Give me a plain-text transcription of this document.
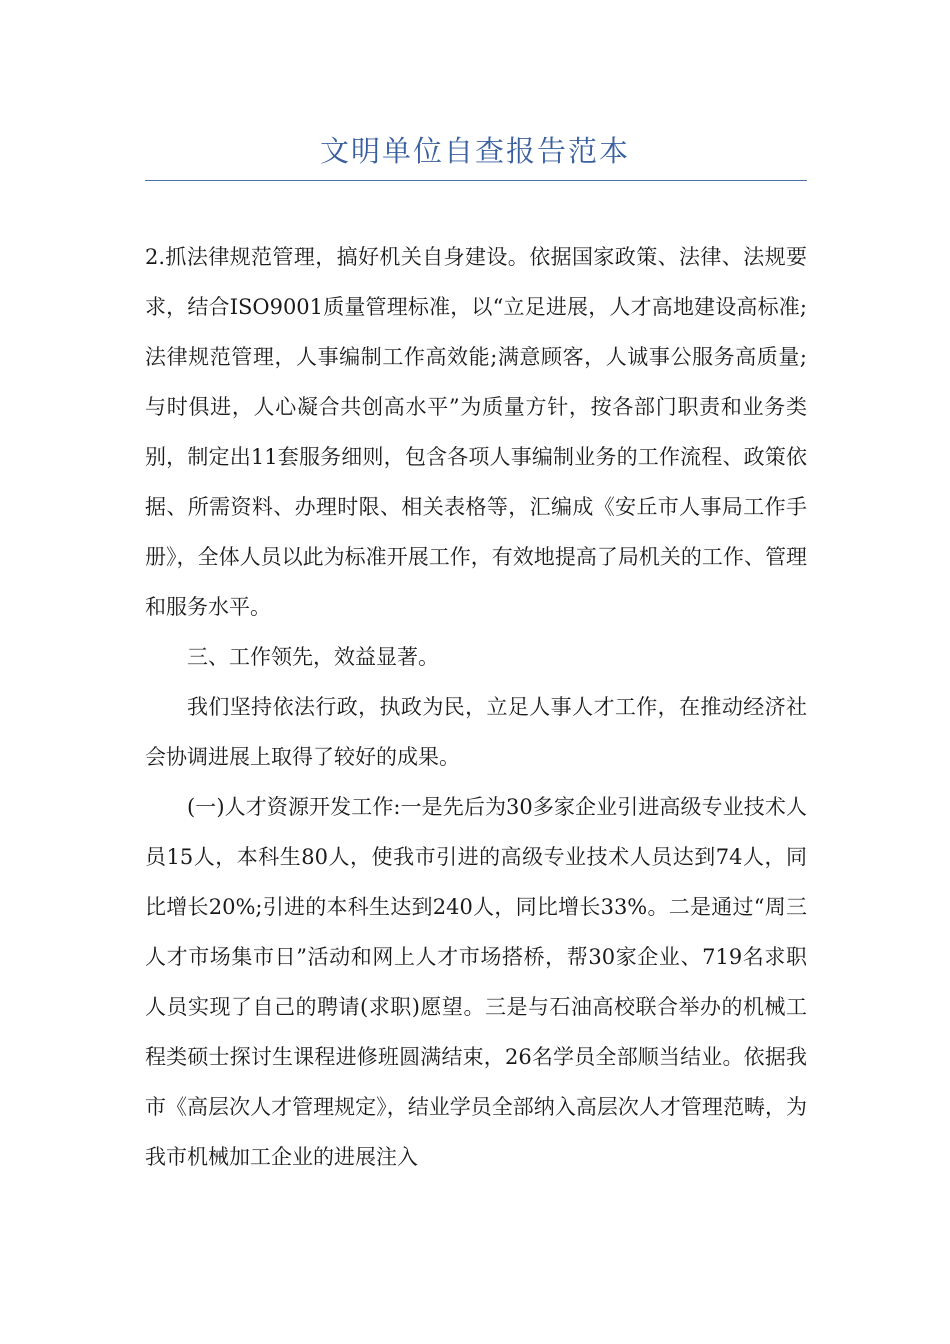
文明单位自查报告范本

2.抓法律规范管理，搞好机关自身建设。依据国家政策、法律、法规要求，结合ISO9001质量管理标准，以“立足进展，人才高地建设高标准;法律规范管理，人事编制工作高效能;满意顾客，人诚事公服务高质量;与时俱进，人心凝合共创高水平”为质量方针，按各部门职责和业务类别，制定出11套服务细则，包含各项人事编制业务的工作流程、政策依据、所需资料、办理时限、相关表格等，汇编成《安丘市人事局工作手册》，全体人员以此为标准开展工作，有效地提高了局机关的工作、管理和服务水平。

三、工作领先，效益显著。

我们坚持依法行政，执政为民，立足人事人才工作，在推动经济社会协调进展上取得了较好的成果。

(一)人才资源开发工作:一是先后为30多家企业引进高级专业技术人员15人，本科生80人，使我市引进的高级专业技术人员达到74人，同比增长20%;引进的本科生达到240人，同比增长33%。二是通过“周三人才市场集市日”活动和网上人才市场搭桥，帮30家企业、719名求职人员实现了自己的聘请(求职)愿望。三是与石油高校联合举办的机械工程类硕士探讨生课程进修班圆满结束，26名学员全部顺当结业。依据我市《高层次人才管理规定》，结业学员全部纳入高层次人才管理范畴，为我市机械加工企业的进展注入
